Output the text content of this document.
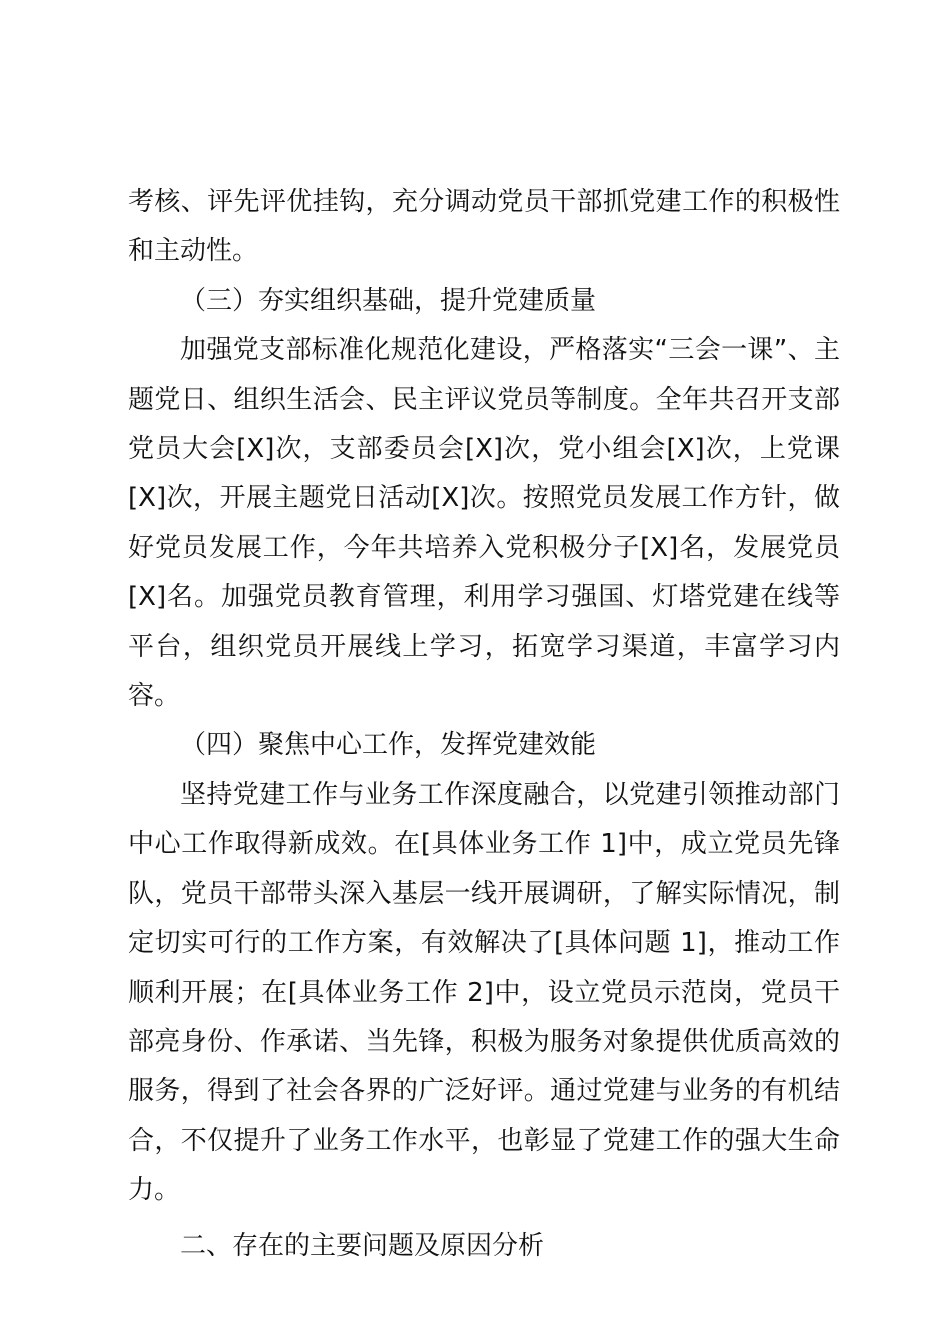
考核、评先评优挂钩，充分调动党员干部抓党建工作的积极性和主动性。

（三）夯实组织基础，提升党建质量

加强党支部标准化规范化建设，严格落实“三会一课”、主题党日、组织生活会、民主评议党员等制度。全年共召开支部党员大会[X]次，支部委员会[X]次，党小组会[X]次，上党课[X]次，开展主题党日活动[X]次。按照党员发展工作方针，做好党员发展工作，今年共培养入党积极分子[X]名，发展党员[X]名。加强党员教育管理，利用学习强国、灯塔党建在线等平台，组织党员开展线上学习，拓宽学习渠道，丰富学习内容。

（四）聚焦中心工作，发挥党建效能

坚持党建工作与业务工作深度融合，以党建引领推动部门中心工作取得新成效。在[具体业务工作 1]中，成立党员先锋队，党员干部带头深入基层一线开展调研，了解实际情况，制定切实可行的工作方案，有效解决了[具体问题 1]，推动工作顺利开展；在[具体业务工作 2]中，设立党员示范岗，党员干部亮身份、作承诺、当先锋，积极为服务对象提供优质高效的服务，得到了社会各界的广泛好评。通过党建与业务的有机结合，不仅提升了业务工作水平，也彰显了党建工作的强大生命力。

二、存在的主要问题及原因分析
